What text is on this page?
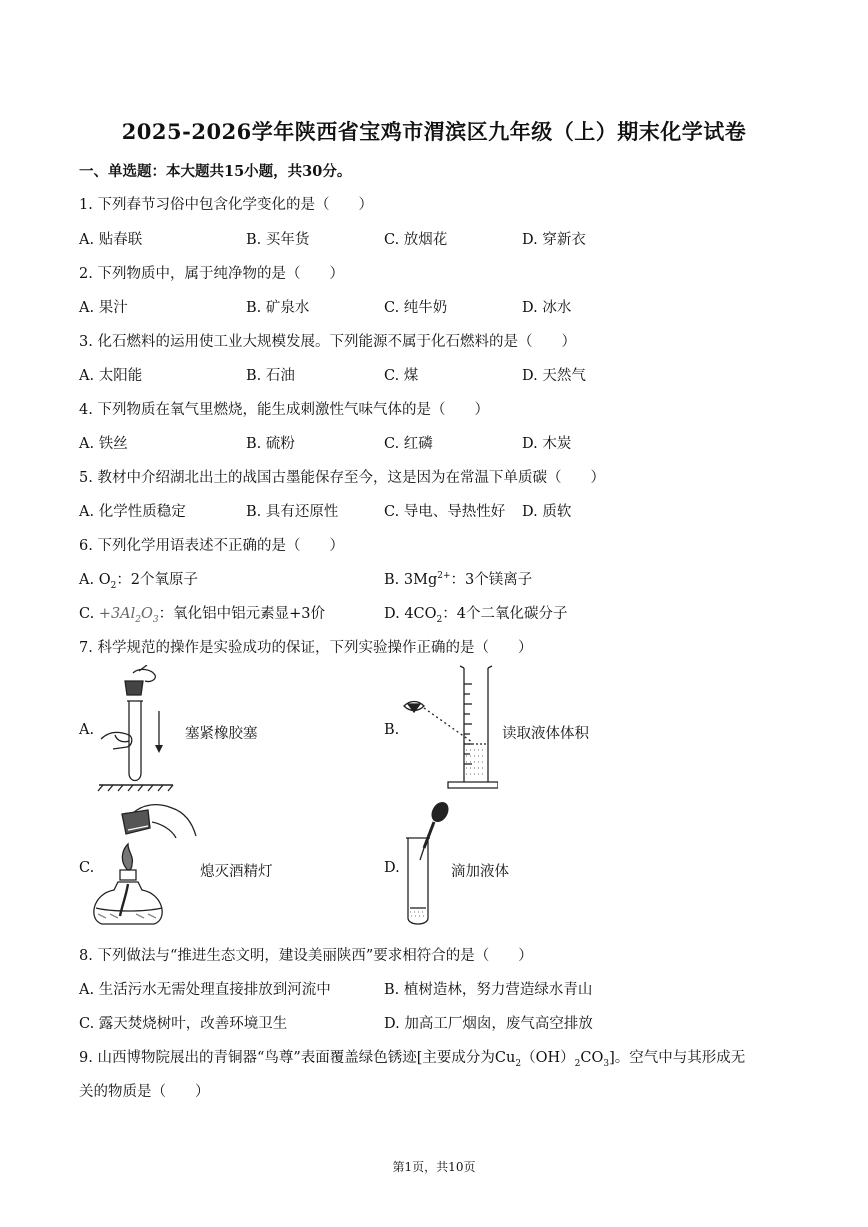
2025-2026学年陕西省宝鸡市渭滨区九年级（上）期末化学试卷
一、单选题：本大题共15小题，共30分。
1. 下列春节习俗中包含化学变化的是（　　）
A. 贴春联	B. 买年货	C. 放烟花	D. 穿新衣
2. 下列物质中，属于纯净物的是（　　）
A. 果汁	B. 矿泉水	C. 纯牛奶	D. 冰水
3. 化石燃料的运用使工业大规模发展。下列能源不属于化石燃料的是（　　）
A. 太阳能	B. 石油	C. 煤	D. 天然气
4. 下列物质在氧气里燃烧，能生成刺激性气味气体的是（　　）
A. 铁丝	B. 硫粉	C. 红磷	D. 木炭
5. 教材中介绍湖北出土的战国古墨能保存至今，这是因为在常温下单质碳（　　）
A. 化学性质稳定	B. 具有还原性	C. 导电、导热性好 D. 质软
6. 下列化学用语表述不正确的是（　　）
A. $O_2$：2个氧原子	B. $3Mg^{2+}$：3个镁离子
C. $+3Al_2O_3$：氧化铝中铝元素显+3价	D. $4CO_2$：4个二氧化碳分子
7. 科学规范的操作是实验成功的保证，下列实验操作正确的是（　　）
A.	塞紧橡胶塞	B.	读取液体体积
C.	熄灭酒精灯	D.	滴加液体
8. 下列做法与“推进生态文明，建设美丽陕西”要求相符合的是（　　）
A. 生活污水无需处理直接排放到河流中	B. 植树造林，努力营造绿水青山
C. 露天焚烧树叶，改善环境卫生	D. 加高工厂烟囱，废气高空排放
9. 山西博物院展出的青铜器“鸟尊”表面覆盖绿色锈迹[主要成分为$Cu_2(OH)_2CO_3$]。空气中与其形成无
关的物质是（　　）
第1页，共10页
